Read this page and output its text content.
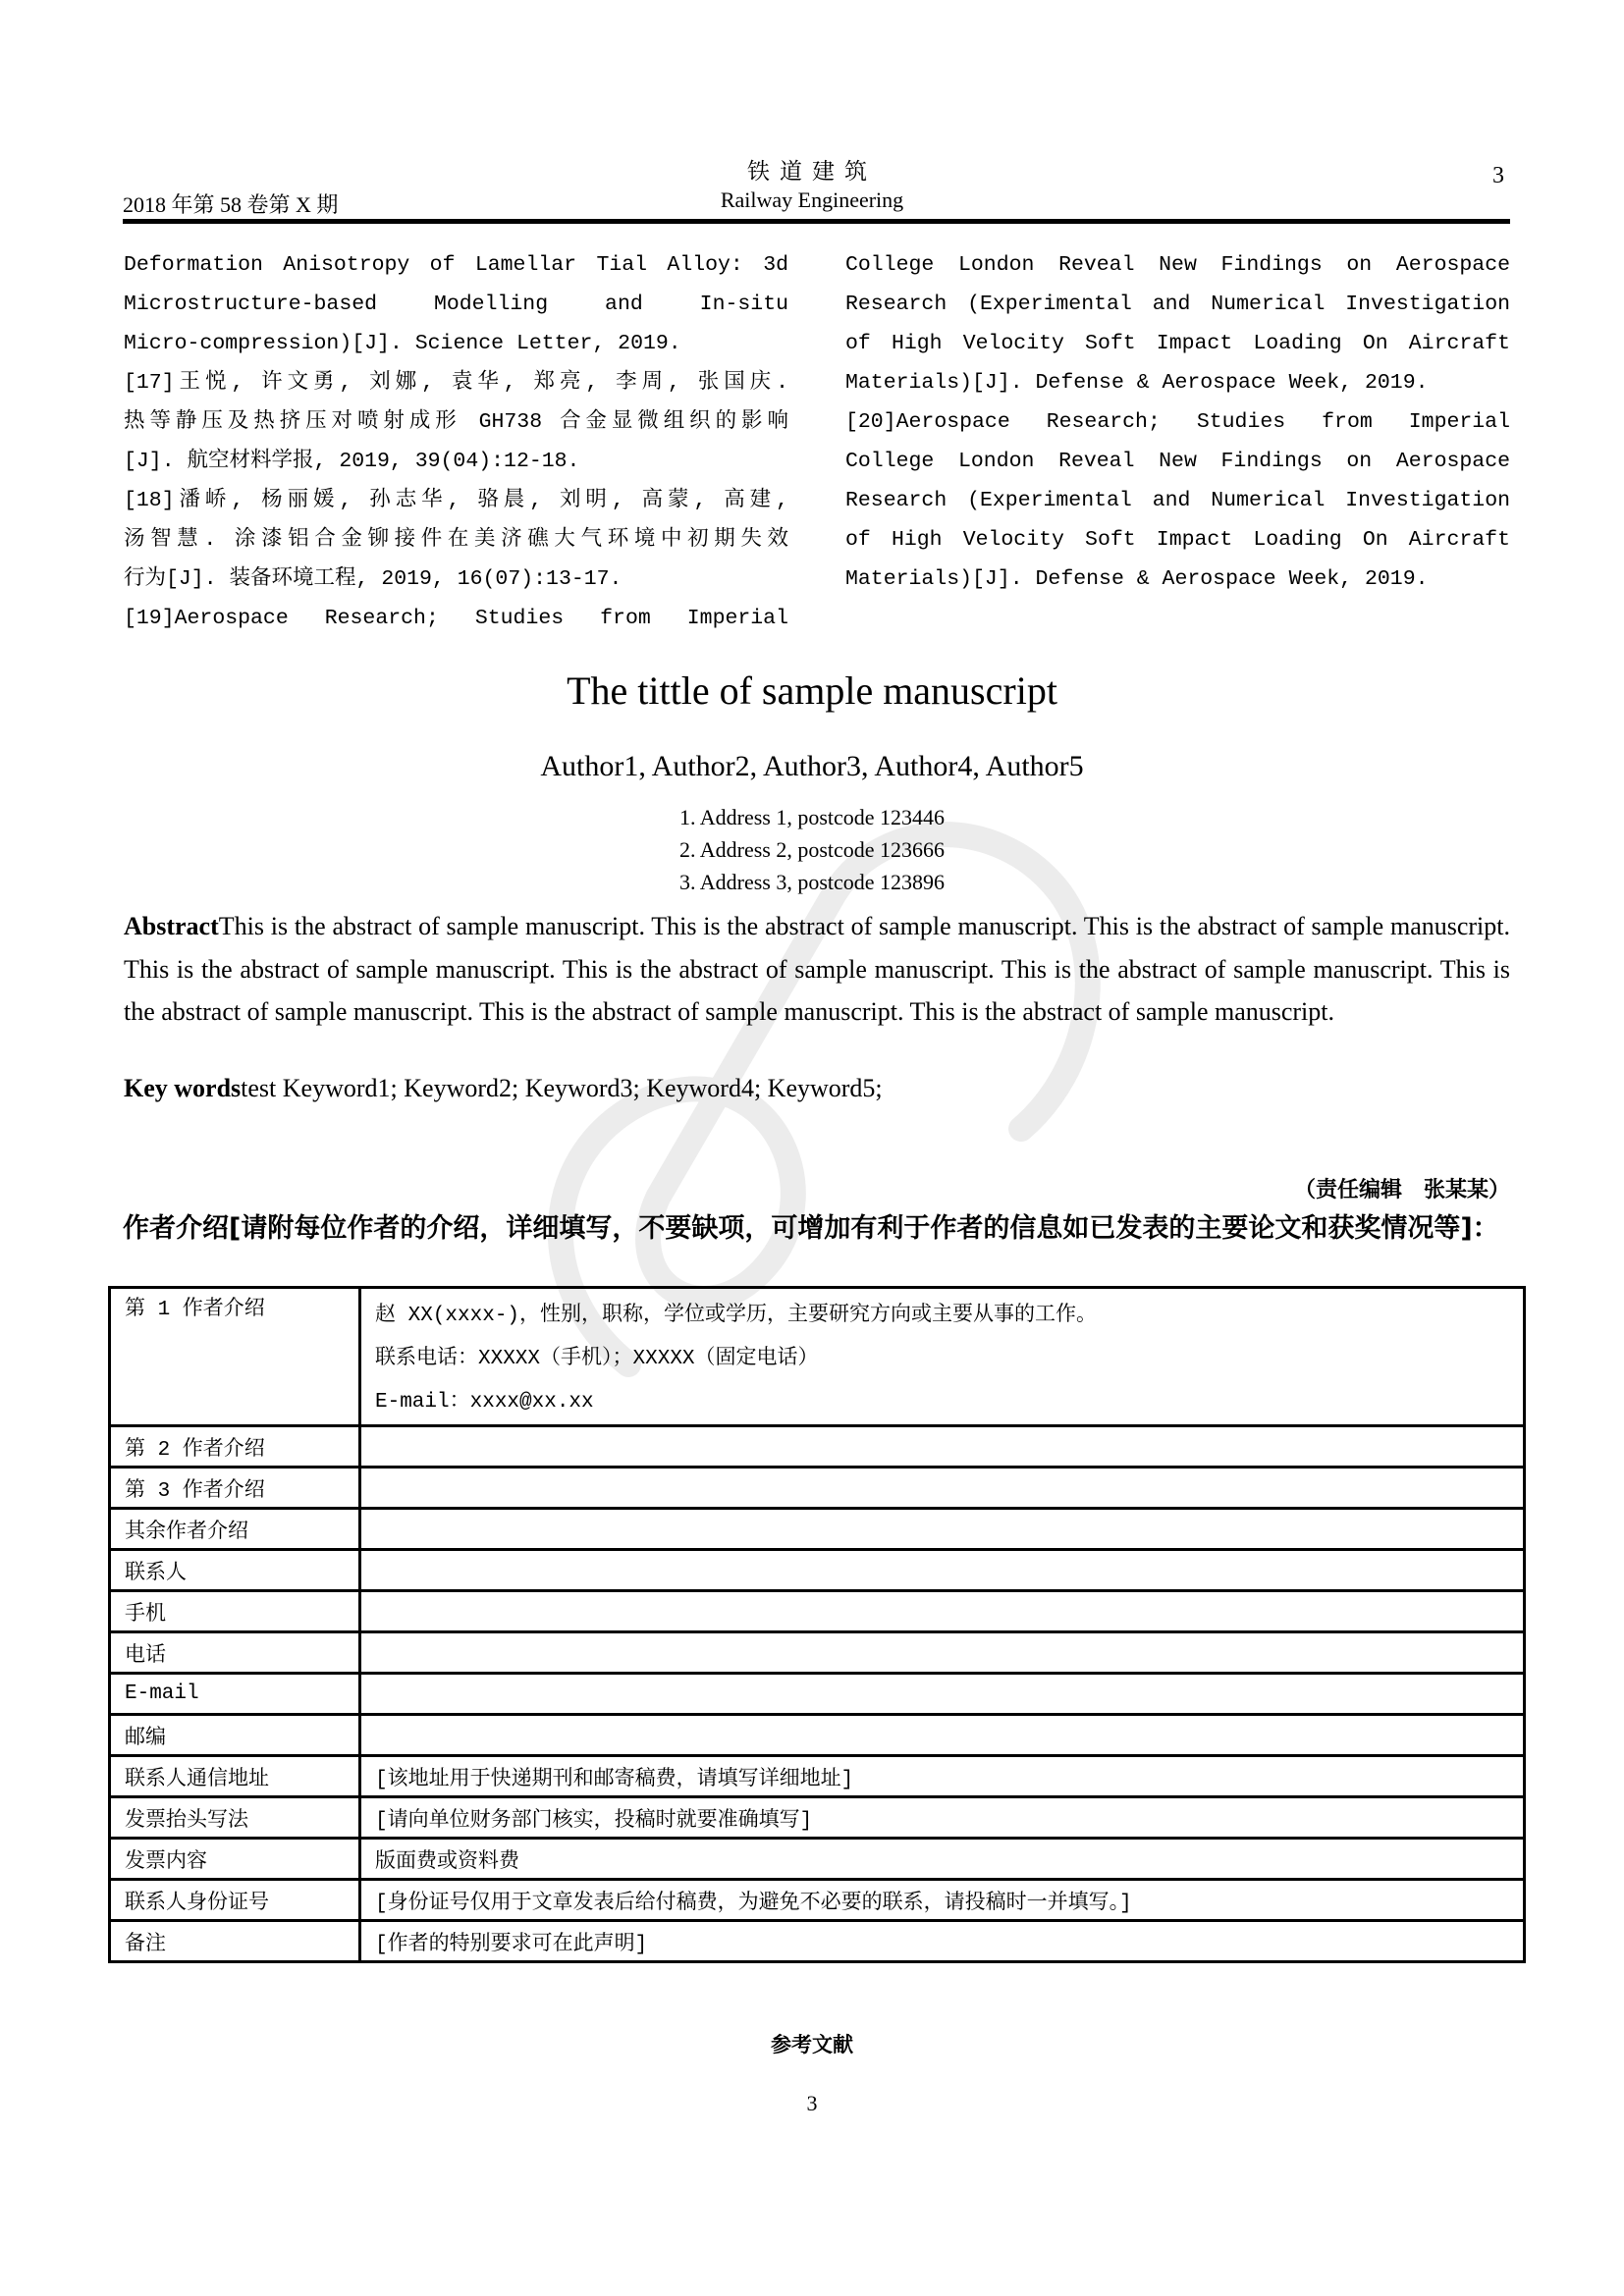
2018 年第 58 卷第 X 期
铁道建筑
Railway Engineering
3

Deformation Anisotropy of Lamellar Tial Alloy: 3d
Microstructure-based Modelling and In-situ
Micro-compression)[J]. Science Letter, 2019.

[17]王悦, 许文勇, 刘娜, 袁华, 郑亮, 李周, 张国庆.
热等静压及热挤压对喷射成形 GH738 合金显微组织的影响
[J]. 航空材料学报, 2019, 39(04):12-18.

[18]潘峤, 杨丽媛, 孙志华, 骆晨, 刘明, 高蒙, 高建,
汤智慧. 涂漆铝合金铆接件在美济礁大气环境中初期失效
行为[J]. 装备环境工程, 2019, 16(07):13-17.

[19]Aerospace Research; Studies from Imperial

College London Reveal New Findings on Aerospace
Research (Experimental and Numerical Investigation
of High Velocity Soft Impact Loading On Aircraft
Materials)[J]. Defense & Aerospace Week, 2019.

[20]Aerospace Research; Studies from Imperial
College London Reveal New Findings on Aerospace
Research (Experimental and Numerical Investigation
of High Velocity Soft Impact Loading On Aircraft
Materials)[J]. Defense & Aerospace Week, 2019.

The tittle of sample manuscript
Author1, Author2, Author3, Author4, Author5
1. Address 1, postcode 123446
2. Address 2, postcode 123666
3. Address 3, postcode 123896
AbstractThis is the abstract of sample manuscript. This is the abstract of sample manuscript. This is the abstract of sample manuscript. This is the abstract of sample manuscript. This is the abstract of sample manuscript. This is the abstract of sample manuscript. This is the abstract of sample manuscript. This is the abstract of sample manuscript. This is the abstract of sample manuscript.
Key wordstest Keyword1; Keyword2; Keyword3; Keyword4; Keyword5;
（责任编辑　张某某）
作者介绍[请附每位作者的介绍，详细填写，不要缺项，可增加有利于作者的信息如已发表的主要论文和获奖情况等]：
第 1 作者介绍	赵 XX(xxxx-)，性别，职称，学位或学历，主要研究方向或主要从事的工作。
联系电话：XXXXX（手机）；XXXXX（固定电话）
E-mail：xxxx@xx.xx

第 2 作者介绍	
第 3 作者介绍	
其余作者介绍	
联系人	
手机	
电话	
E-mail	
邮编	
联系人通信地址	[该地址用于快递期刊和邮寄稿费，请填写详细地址]
发票抬头写法	[请向单位财务部门核实，投稿时就要准确填写]
发票内容	版面费或资料费
联系人身份证号	[身份证号仅用于文章发表后给付稿费，为避免不必要的联系，请投稿时一并填写。]
备注	[作者的特别要求可在此声明]
参考文献
3
